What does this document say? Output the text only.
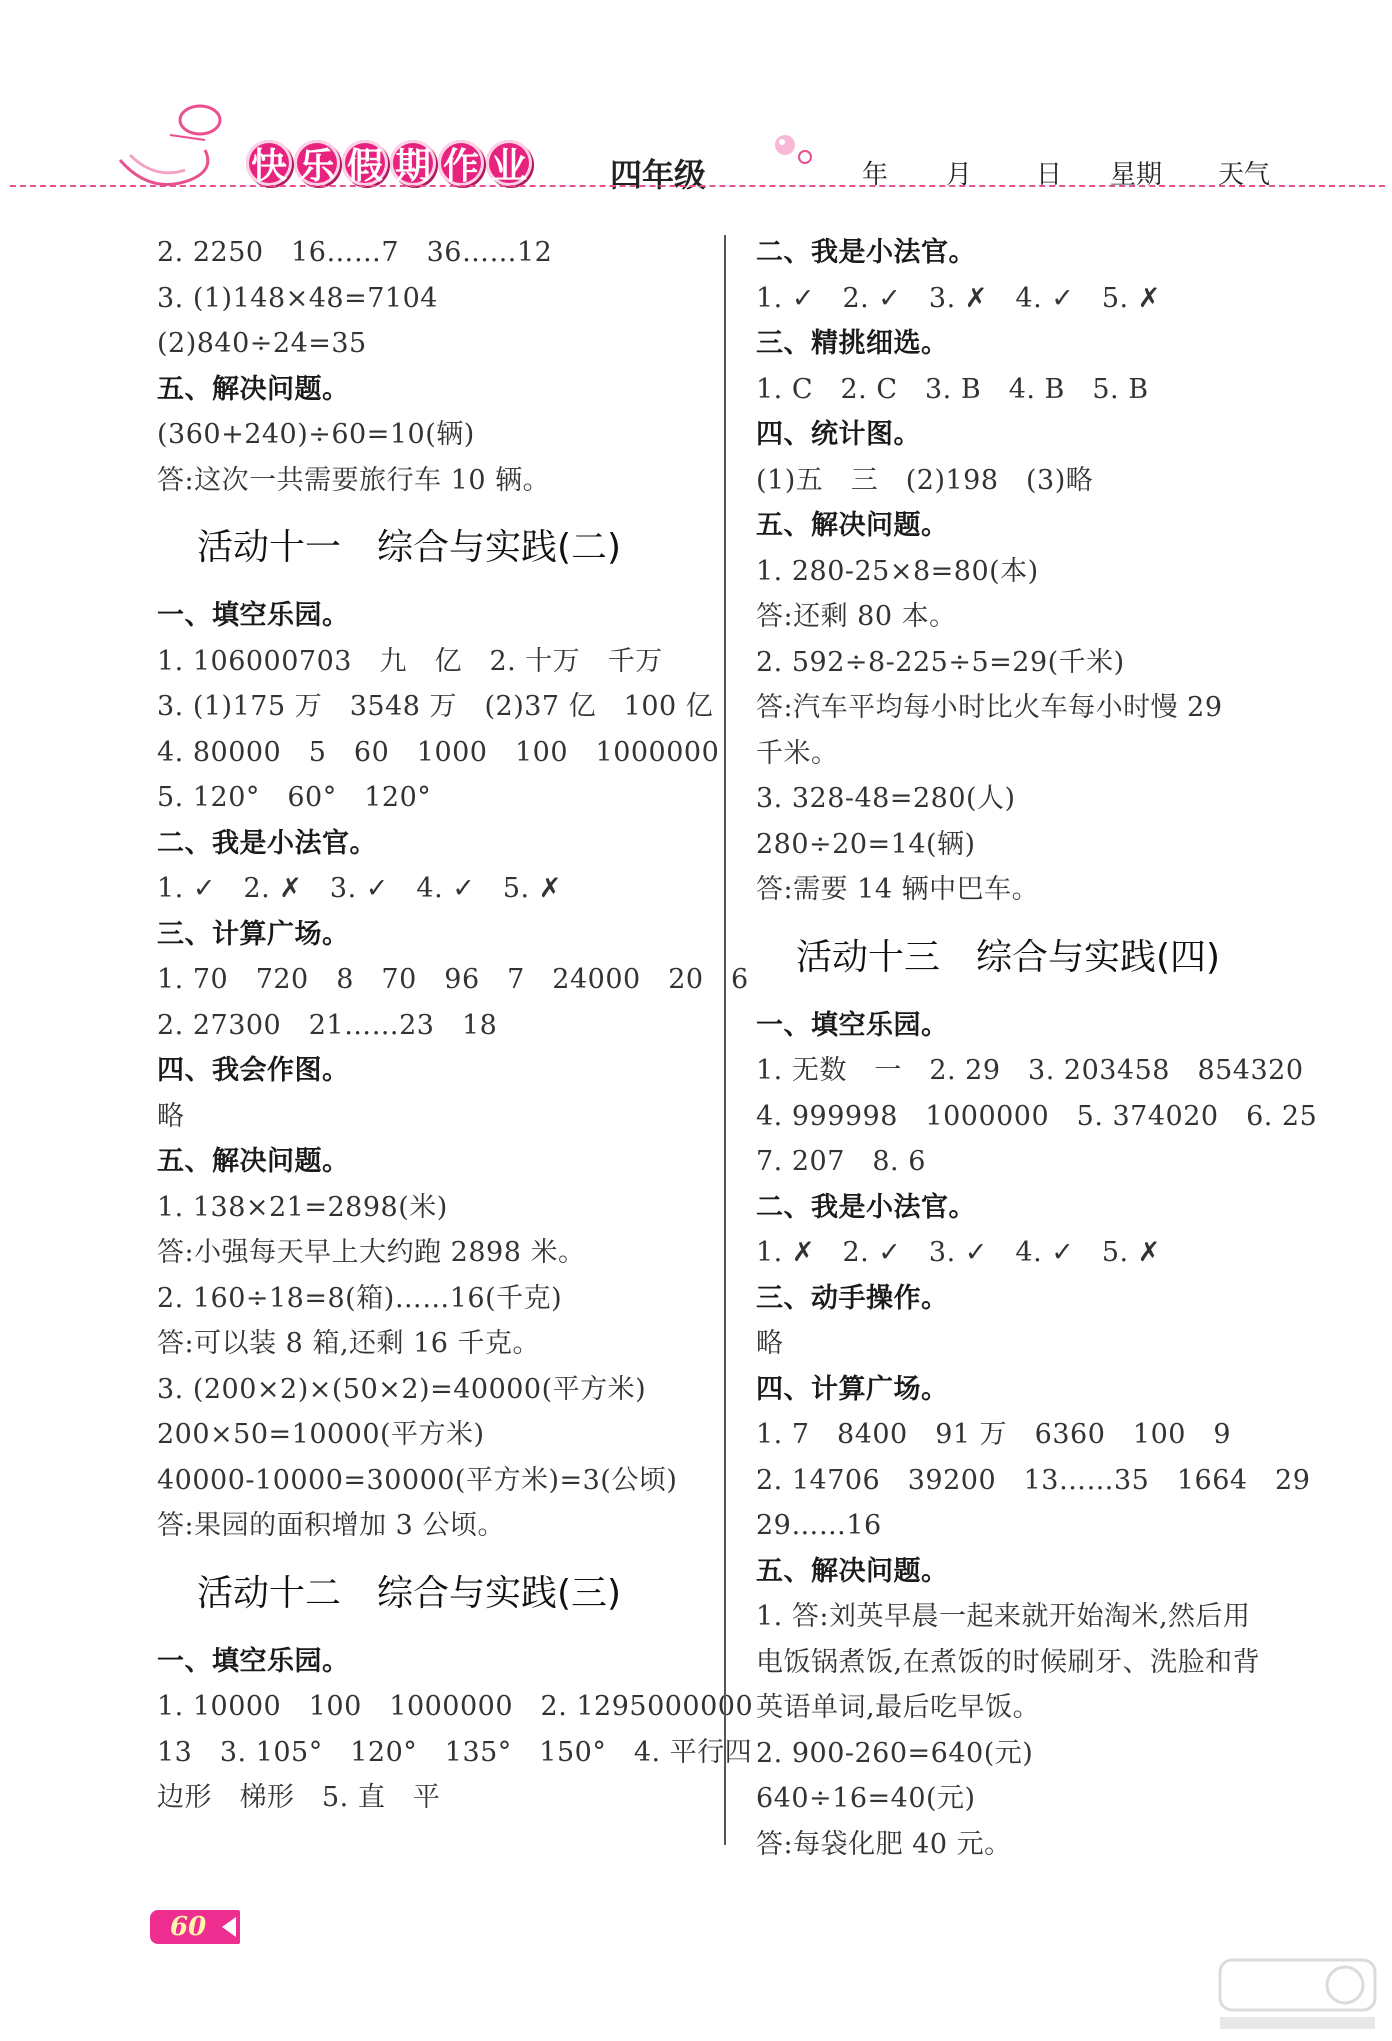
快 乐 假 期 作 业	四年级	年 月 日 星期 天气
2. 2250　16……7　36……12
3. (1)148×48=7104
(2)840÷24=35
五、解决问题。
(360+240)÷60=10(辆)
答:这次一共需要旅行车 10 辆。
活动十一　综合与实践(二)
一、填空乐园。
1. 106000703　九　亿　2. 十万　千万
3. (1)175 万　3548 万　(2)37 亿　100 亿
4. 80000　5　60　1000　100　1000000
5. 120°　60°　120°
二、我是小法官。
1. ✓　2. ✗　3. ✓　4. ✓　5. ✗
三、计算广场。
1. 70　720　8　70　96　7　24000　20　6
2. 27300　21……23　18
四、我会作图。
略
五、解决问题。
1. 138×21=2898(米)
答:小强每天早上大约跑 2898 米。
2. 160÷18=8(箱)……16(千克)
答:可以装 8 箱,还剩 16 千克。
3. (200×2)×(50×2)=40000(平方米)
200×50=10000(平方米)
40000-10000=30000(平方米)=3(公顷)
答:果园的面积增加 3 公顷。
活动十二　综合与实践(三)
一、填空乐园。
1. 10000　100　1000000　2. 1295000000
13　3. 105°　120°　135°　150°　4. 平行四
边形　梯形　5. 直　平
二、我是小法官。
1. ✓　2. ✓　3. ✗　4. ✓　5. ✗
三、精挑细选。
1. C　2. C　3. B　4. B　5. B
四、统计图。
(1)五　三　(2)198　(3)略
五、解决问题。
1. 280-25×8=80(本)
答:还剩 80 本。
2. 592÷8-225÷5=29(千米)
答:汽车平均每小时比火车每小时慢 29
千米。
3. 328-48=280(人)
280÷20=14(辆)
答:需要 14 辆中巴车。
活动十三　综合与实践(四)
一、填空乐园。
1. 无数　一　2. 29　3. 203458　854320
4. 999998　1000000　5. 374020　6. 25
7. 207　8. 6
二、我是小法官。
1. ✗　2. ✓　3. ✓　4. ✓　5. ✗
三、动手操作。
略
四、计算广场。
1. 7　8400　91 万　6360　100　9
2. 14706　39200　13……35　1664　29
29……16
五、解决问题。
1. 答:刘英早晨一起来就开始淘米,然后用
电饭锅煮饭,在煮饭的时候刷牙、洗脸和背
英语单词,最后吃早饭。
2. 900-260=640(元)
640÷16=40(元)
答:每袋化肥 40 元。
60
